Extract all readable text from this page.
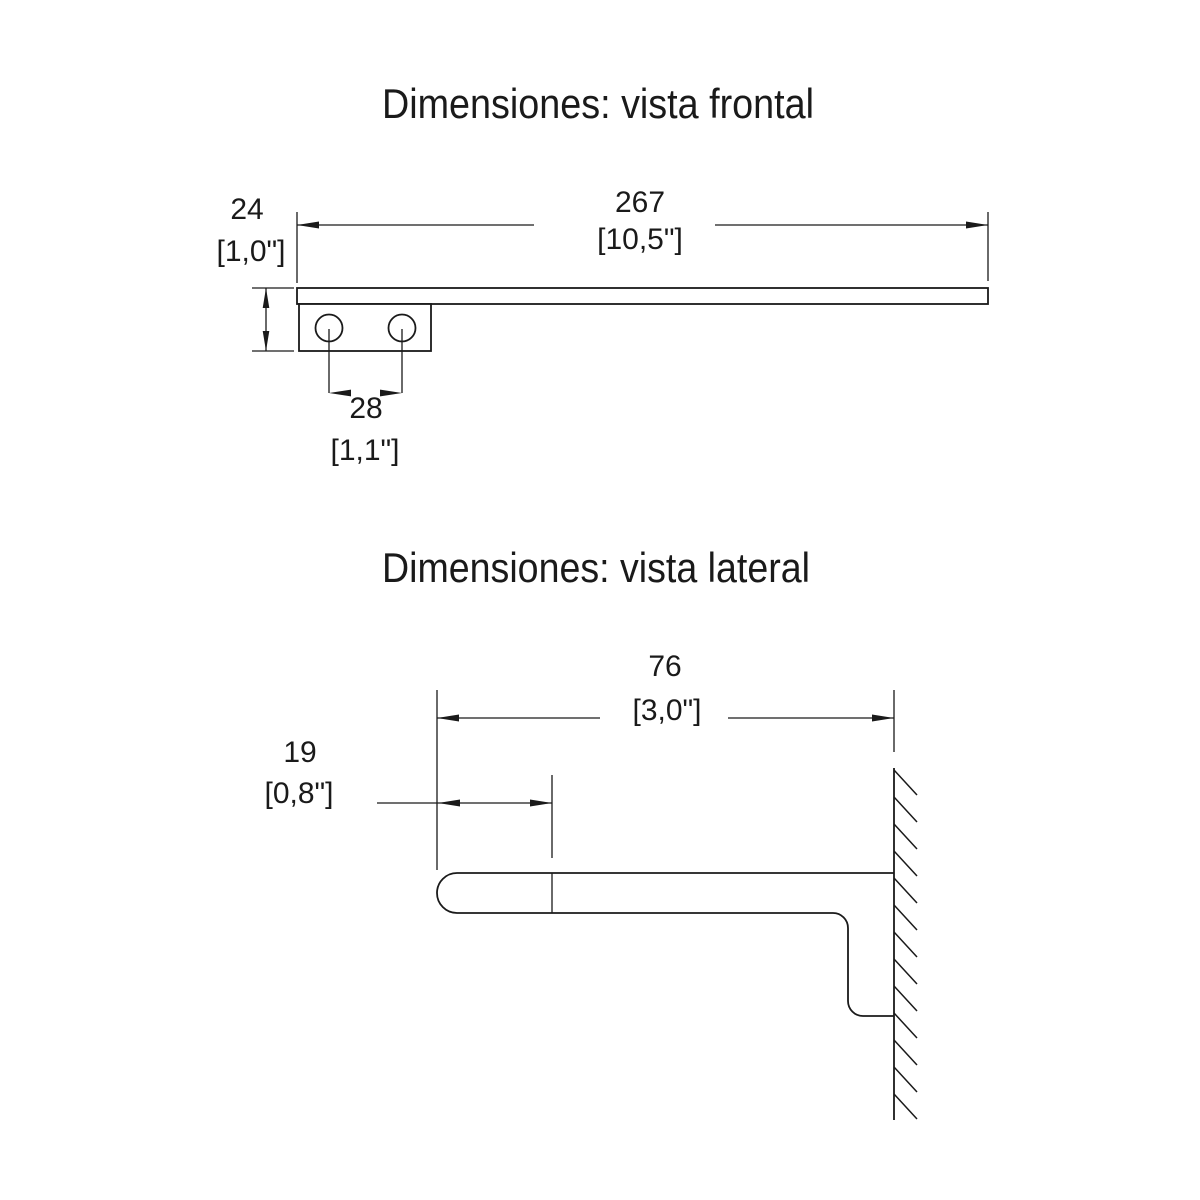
Dimensiones: vista frontal
267
[10,5"]
24
[1,0"]
28
[1,1"]
Dimensiones: vista lateral
76
[3,0"]
19
[0,8"]
